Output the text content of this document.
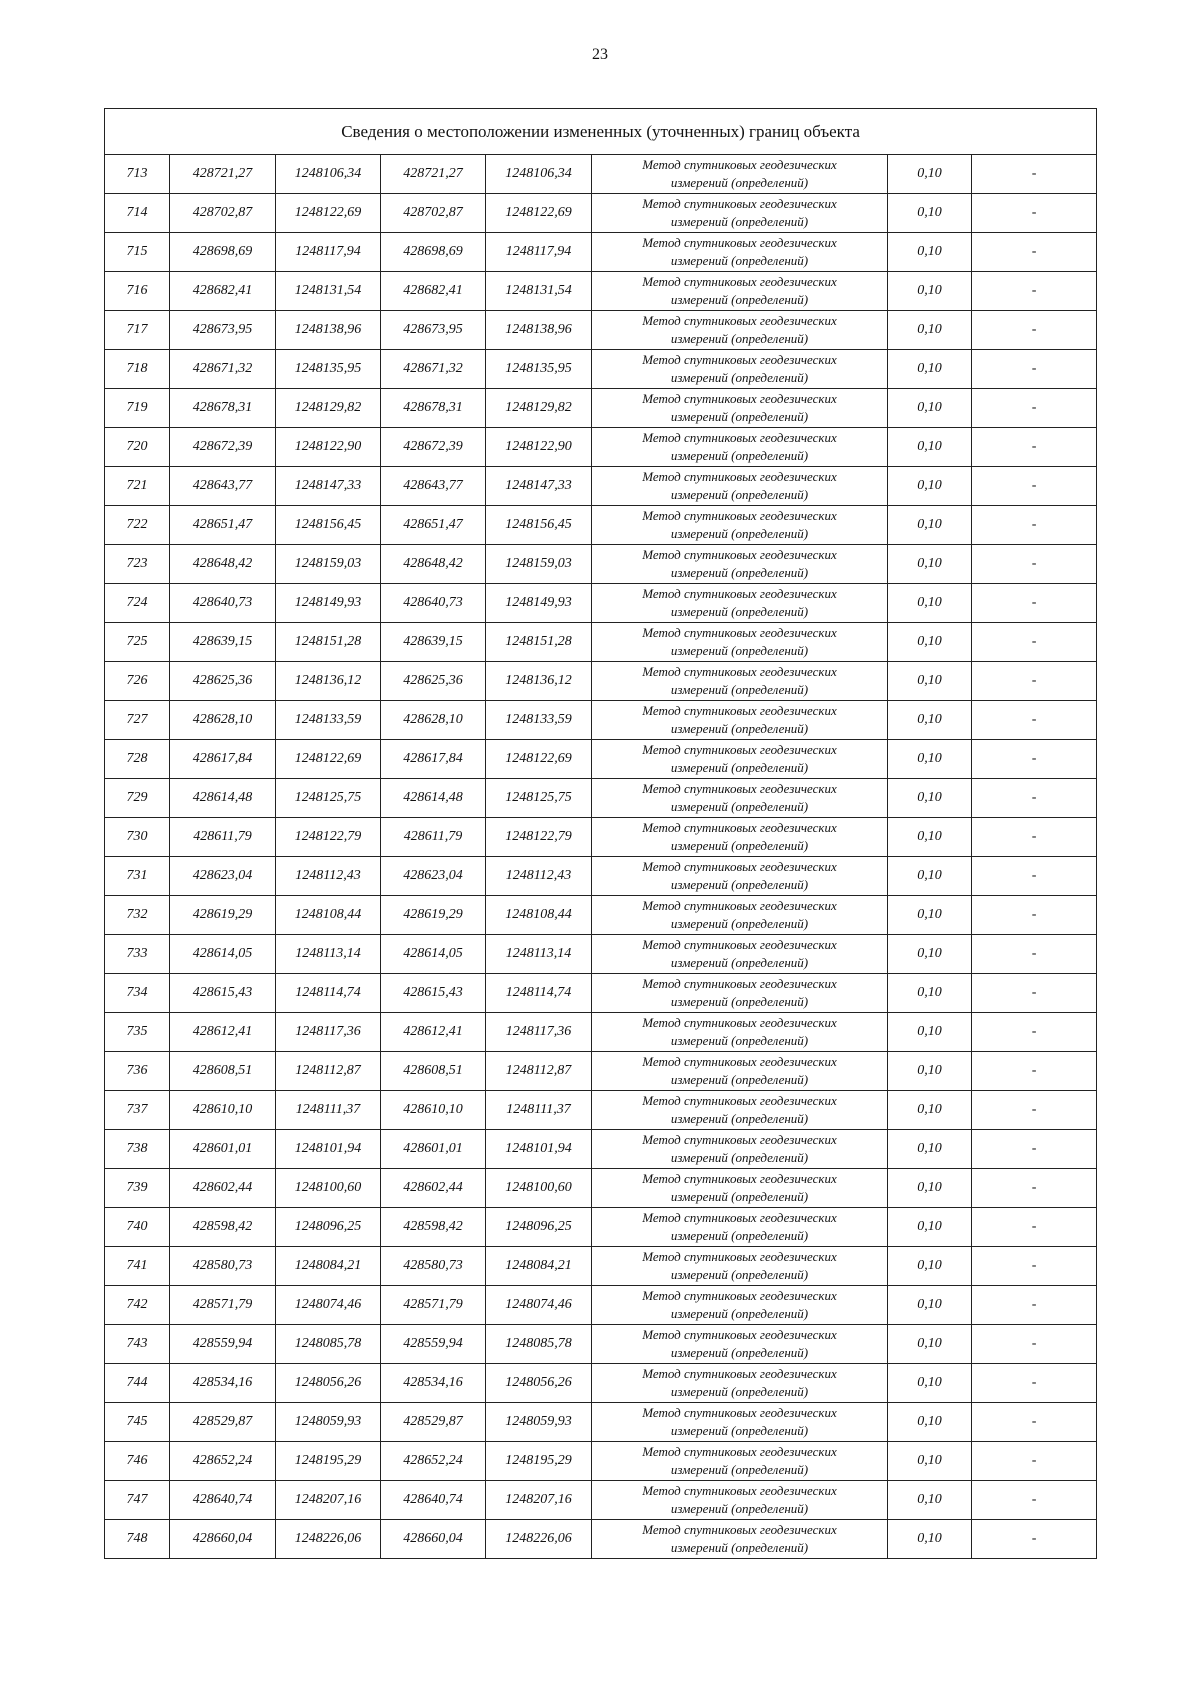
23
Сведения о местоположении измененных (уточненных) границ объекта							
713	428721,27	1248106,34	428721,27	1248106,34	Метод спутниковых геодезических
измерений (определений)	0,10	-
714	428702,87	1248122,69	428702,87	1248122,69	Метод спутниковых геодезических
измерений (определений)	0,10	-
715	428698,69	1248117,94	428698,69	1248117,94	Метод спутниковых геодезических
измерений (определений)	0,10	-
716	428682,41	1248131,54	428682,41	1248131,54	Метод спутниковых геодезических
измерений (определений)	0,10	-
717	428673,95	1248138,96	428673,95	1248138,96	Метод спутниковых геодезических
измерений (определений)	0,10	-
718	428671,32	1248135,95	428671,32	1248135,95	Метод спутниковых геодезических
измерений (определений)	0,10	-
719	428678,31	1248129,82	428678,31	1248129,82	Метод спутниковых геодезических
измерений (определений)	0,10	-
720	428672,39	1248122,90	428672,39	1248122,90	Метод спутниковых геодезических
измерений (определений)	0,10	-
721	428643,77	1248147,33	428643,77	1248147,33	Метод спутниковых геодезических
измерений (определений)	0,10	-
722	428651,47	1248156,45	428651,47	1248156,45	Метод спутниковых геодезических
измерений (определений)	0,10	-
723	428648,42	1248159,03	428648,42	1248159,03	Метод спутниковых геодезических
измерений (определений)	0,10	-
724	428640,73	1248149,93	428640,73	1248149,93	Метод спутниковых геодезических
измерений (определений)	0,10	-
725	428639,15	1248151,28	428639,15	1248151,28	Метод спутниковых геодезических
измерений (определений)	0,10	-
726	428625,36	1248136,12	428625,36	1248136,12	Метод спутниковых геодезических
измерений (определений)	0,10	-
727	428628,10	1248133,59	428628,10	1248133,59	Метод спутниковых геодезических
измерений (определений)	0,10	-
728	428617,84	1248122,69	428617,84	1248122,69	Метод спутниковых геодезических
измерений (определений)	0,10	-
729	428614,48	1248125,75	428614,48	1248125,75	Метод спутниковых геодезических
измерений (определений)	0,10	-
730	428611,79	1248122,79	428611,79	1248122,79	Метод спутниковых геодезических
измерений (определений)	0,10	-
731	428623,04	1248112,43	428623,04	1248112,43	Метод спутниковых геодезических
измерений (определений)	0,10	-
732	428619,29	1248108,44	428619,29	1248108,44	Метод спутниковых геодезических
измерений (определений)	0,10	-
733	428614,05	1248113,14	428614,05	1248113,14	Метод спутниковых геодезических
измерений (определений)	0,10	-
734	428615,43	1248114,74	428615,43	1248114,74	Метод спутниковых геодезических
измерений (определений)	0,10	-
735	428612,41	1248117,36	428612,41	1248117,36	Метод спутниковых геодезических
измерений (определений)	0,10	-
736	428608,51	1248112,87	428608,51	1248112,87	Метод спутниковых геодезических
измерений (определений)	0,10	-
737	428610,10	1248111,37	428610,10	1248111,37	Метод спутниковых геодезических
измерений (определений)	0,10	-
738	428601,01	1248101,94	428601,01	1248101,94	Метод спутниковых геодезических
измерений (определений)	0,10	-
739	428602,44	1248100,60	428602,44	1248100,60	Метод спутниковых геодезических
измерений (определений)	0,10	-
740	428598,42	1248096,25	428598,42	1248096,25	Метод спутниковых геодезических
измерений (определений)	0,10	-
741	428580,73	1248084,21	428580,73	1248084,21	Метод спутниковых геодезических
измерений (определений)	0,10	-
742	428571,79	1248074,46	428571,79	1248074,46	Метод спутниковых геодезических
измерений (определений)	0,10	-
743	428559,94	1248085,78	428559,94	1248085,78	Метод спутниковых геодезических
измерений (определений)	0,10	-
744	428534,16	1248056,26	428534,16	1248056,26	Метод спутниковых геодезических
измерений (определений)	0,10	-
745	428529,87	1248059,93	428529,87	1248059,93	Метод спутниковых геодезических
измерений (определений)	0,10	-
746	428652,24	1248195,29	428652,24	1248195,29	Метод спутниковых геодезических
измерений (определений)	0,10	-
747	428640,74	1248207,16	428640,74	1248207,16	Метод спутниковых геодезических
измерений (определений)	0,10	-
748	428660,04	1248226,06	428660,04	1248226,06	Метод спутниковых геодезических
измерений (определений)	0,10	-
